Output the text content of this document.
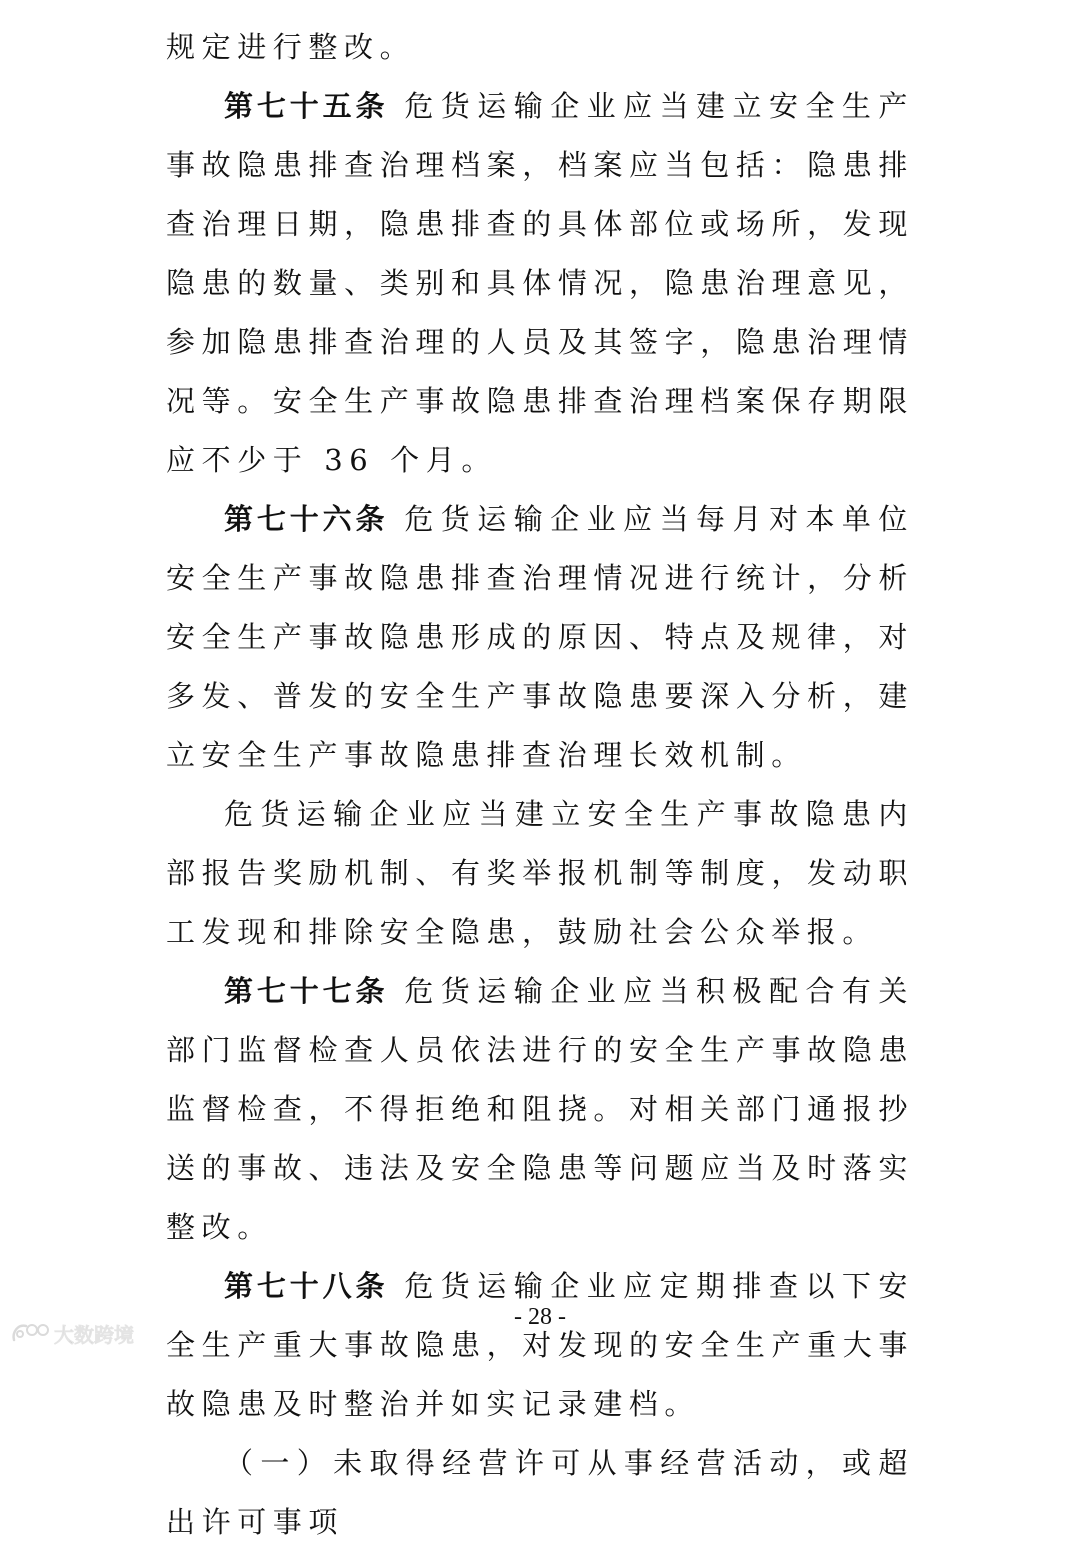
规定进行整改。

第七十五条 危货运输企业应当建立安全生产事故隐患排查治理档案，档案应当包括：隐患排查治理日期，隐患排查的具体部位或场所，发现隐患的数量、类别和具体情况，隐患治理意见，参加隐患排查治理的人员及其签字，隐患治理情况等。安全生产事故隐患排查治理档案保存期限应不少于 36 个月。

第七十六条 危货运输企业应当每月对本单位安全生产事故隐患排查治理情况进行统计，分析安全生产事故隐患形成的原因、特点及规律，对多发、普发的安全生产事故隐患要深入分析，建立安全生产事故隐患排查治理长效机制。

危货运输企业应当建立安全生产事故隐患内部报告奖励机制、有奖举报机制等制度，发动职工发现和排除安全隐患，鼓励社会公众举报。

第七十七条 危货运输企业应当积极配合有关部门监督检查人员依法进行的安全生产事故隐患监督检查，不得拒绝和阻挠。对相关部门通报抄送的事故、违法及安全隐患等问题应当及时落实整改。

第七十八条 危货运输企业应定期排查以下安全生产重大事故隐患，对发现的安全生产重大事故隐患及时整治并如实记录建档。

（一）未取得经营许可从事经营活动，或超出许可事项

- 28 -
大数跨境
